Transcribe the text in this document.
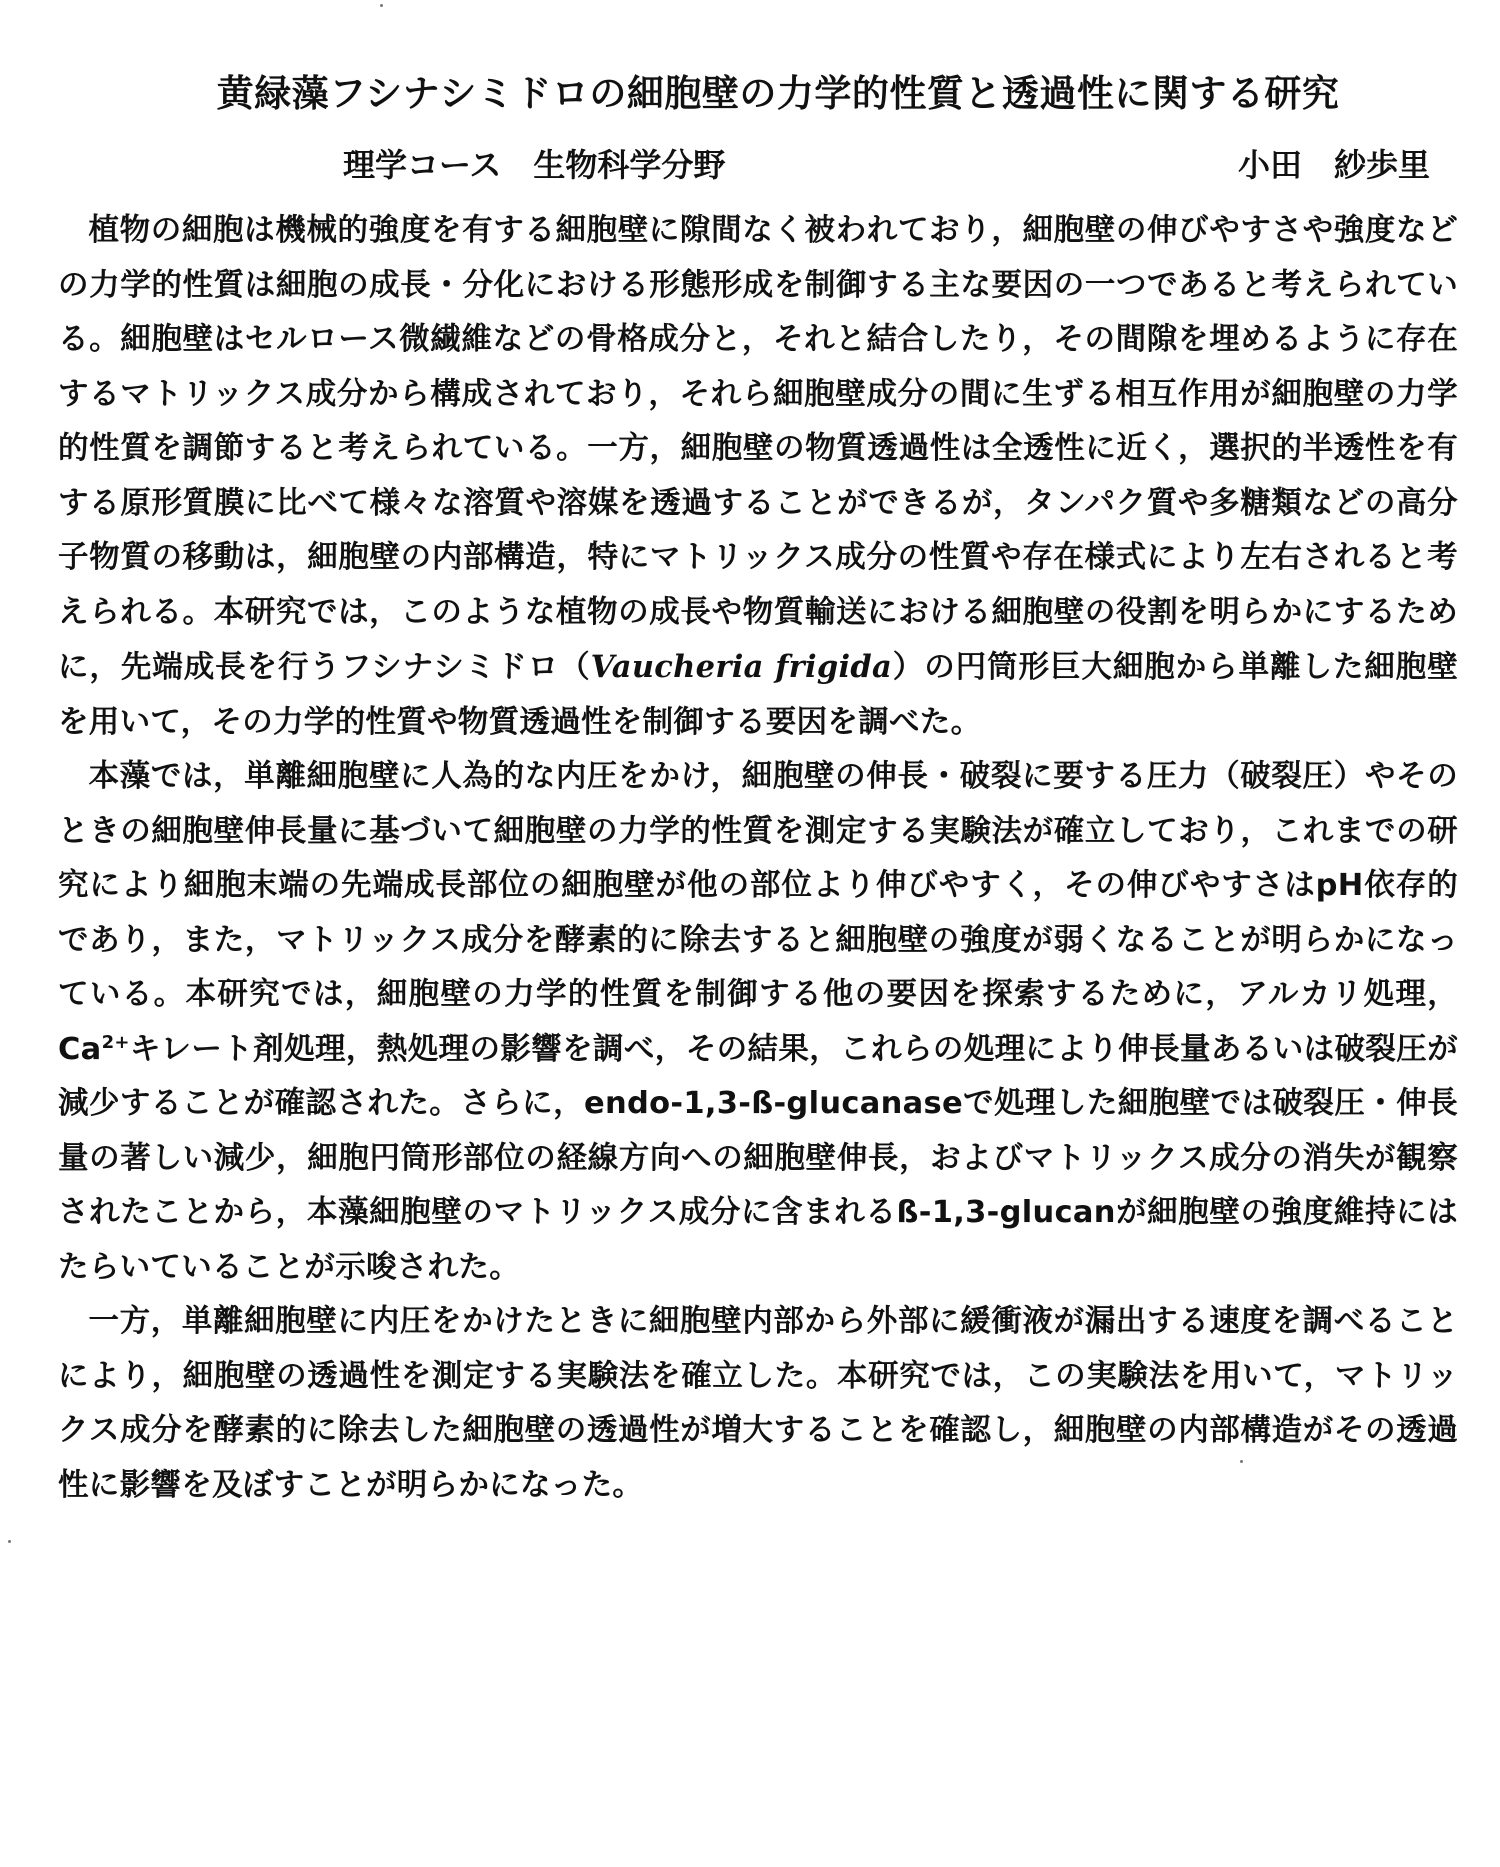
黄緑藻フシナシミドロの細胞壁の力学的性質と透過性に関する研究
理学コース　生物科学分野	小田　紗歩里

植物の細胞は機械的強度を有する細胞壁に隙間なく被われており，細胞壁の伸びやすさや強度などの力学的性質は細胞の成長・分化における形態形成を制御する主な要因の一つであると考えられている。細胞壁はセルロース微繊維などの骨格成分と，それと結合したり，その間隙を埋めるように存在するマトリックス成分から構成されており，それら細胞壁成分の間に生ずる相互作用が細胞壁の力学的性質を調節すると考えられている。一方，細胞壁の物質透過性は全透性に近く，選択的半透性を有する原形質膜に比べて様々な溶質や溶媒を透過することができるが，タンパク質や多糖類などの高分子物質の移動は，細胞壁の内部構造，特にマトリックス成分の性質や存在様式により左右されると考えられる。本研究では，このような植物の成長や物質輸送における細胞壁の役割を明らかにするために，先端成長を行うフシナシミドロ（Vaucheria frigida）の円筒形巨大細胞から単離した細胞壁を用いて，その力学的性質や物質透過性を制御する要因を調べた。

本藻では，単離細胞壁に人為的な内圧をかけ，細胞壁の伸長・破裂に要する圧力（破裂圧）やそのときの細胞壁伸長量に基づいて細胞壁の力学的性質を測定する実験法が確立しており，これまでの研究により細胞末端の先端成長部位の細胞壁が他の部位より伸びやすく，その伸びやすさはpH依存的であり，また，マトリックス成分を酵素的に除去すると細胞壁の強度が弱くなることが明らかになっている。本研究では，細胞壁の力学的性質を制御する他の要因を探索するために，アルカリ処理，$Ca^{2+}$キレート剤処理，熱処理の影響を調べ，その結果，これらの処理により伸長量あるいは破裂圧が減少することが確認された。さらに，endo-1,3-ß-glucanaseで処理した細胞壁では破裂圧・伸長量の著しい減少，細胞円筒形部位の経線方向への細胞壁伸長，およびマトリックス成分の消失が観察されたことから，本藻細胞壁のマトリックス成分に含まれるß-1,3-glucanが細胞壁の強度維持にはたらいていることが示唆された。

一方，単離細胞壁に内圧をかけたときに細胞壁内部から外部に緩衝液が漏出する速度を調べることにより，細胞壁の透過性を測定する実験法を確立した。本研究では，この実験法を用いて，マトリックス成分を酵素的に除去した細胞壁の透過性が増大することを確認し，細胞壁の内部構造がその透過性に影響を及ぼすことが明らかになった。
